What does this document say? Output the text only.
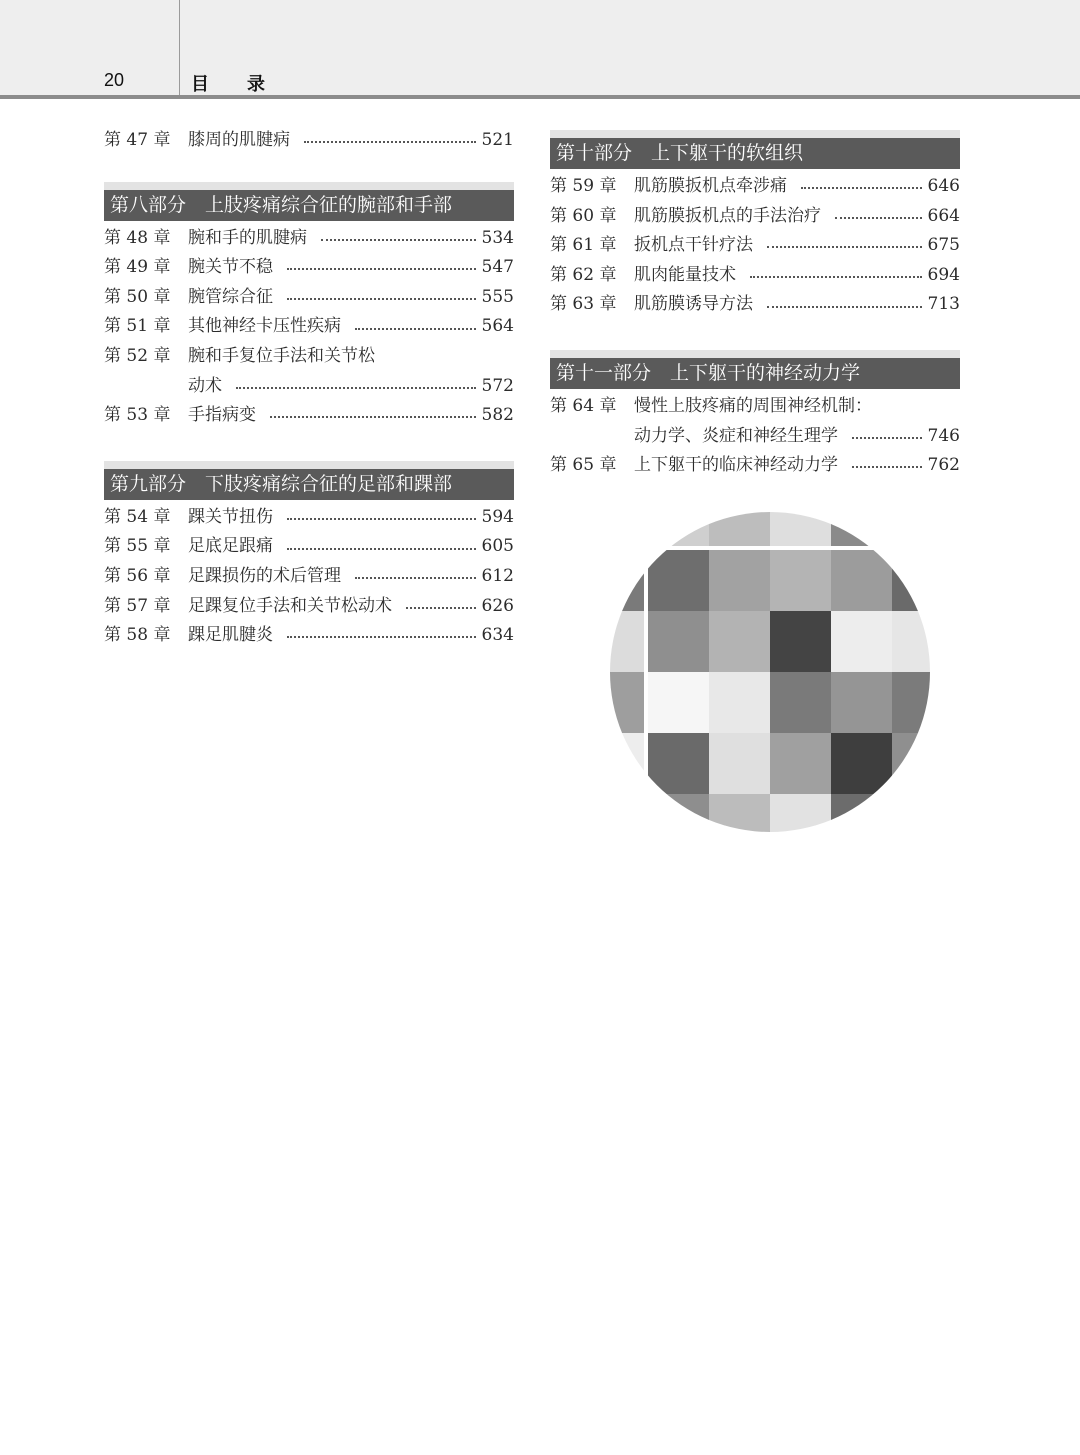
20	目录
第 47 章	膝周的肌腱病	521
第八部分　上肢疼痛综合征的腕部和手部
第 48 章	腕和手的肌腱病	534
第 49 章	腕关节不稳	547
第 50 章	腕管综合征	555
第 51 章	其他神经卡压性疾病	564
第 52 章	腕和手复位手法和关节松
动术	572
第 53 章	手指病变	582
第九部分　下肢疼痛综合征的足部和踝部
第 54 章	踝关节扭伤	594
第 55 章	足底足跟痛	605
第 56 章	足踝损伤的术后管理	612
第 57 章	足踝复位手法和关节松动术	626
第 58 章	踝足肌腱炎	634
第十部分　上下躯干的软组织
第 59 章	肌筋膜扳机点牵涉痛	646
第 60 章	肌筋膜扳机点的手法治疗	664
第 61 章	扳机点干针疗法	675
第 62 章	肌肉能量技术	694
第 63 章	肌筋膜诱导方法	713
第十一部分　上下躯干的神经动力学
第 64 章	慢性上肢疼痛的周围神经机制：
动力学、炎症和神经生理学	746
第 65 章	上下躯干的临床神经动力学	762
